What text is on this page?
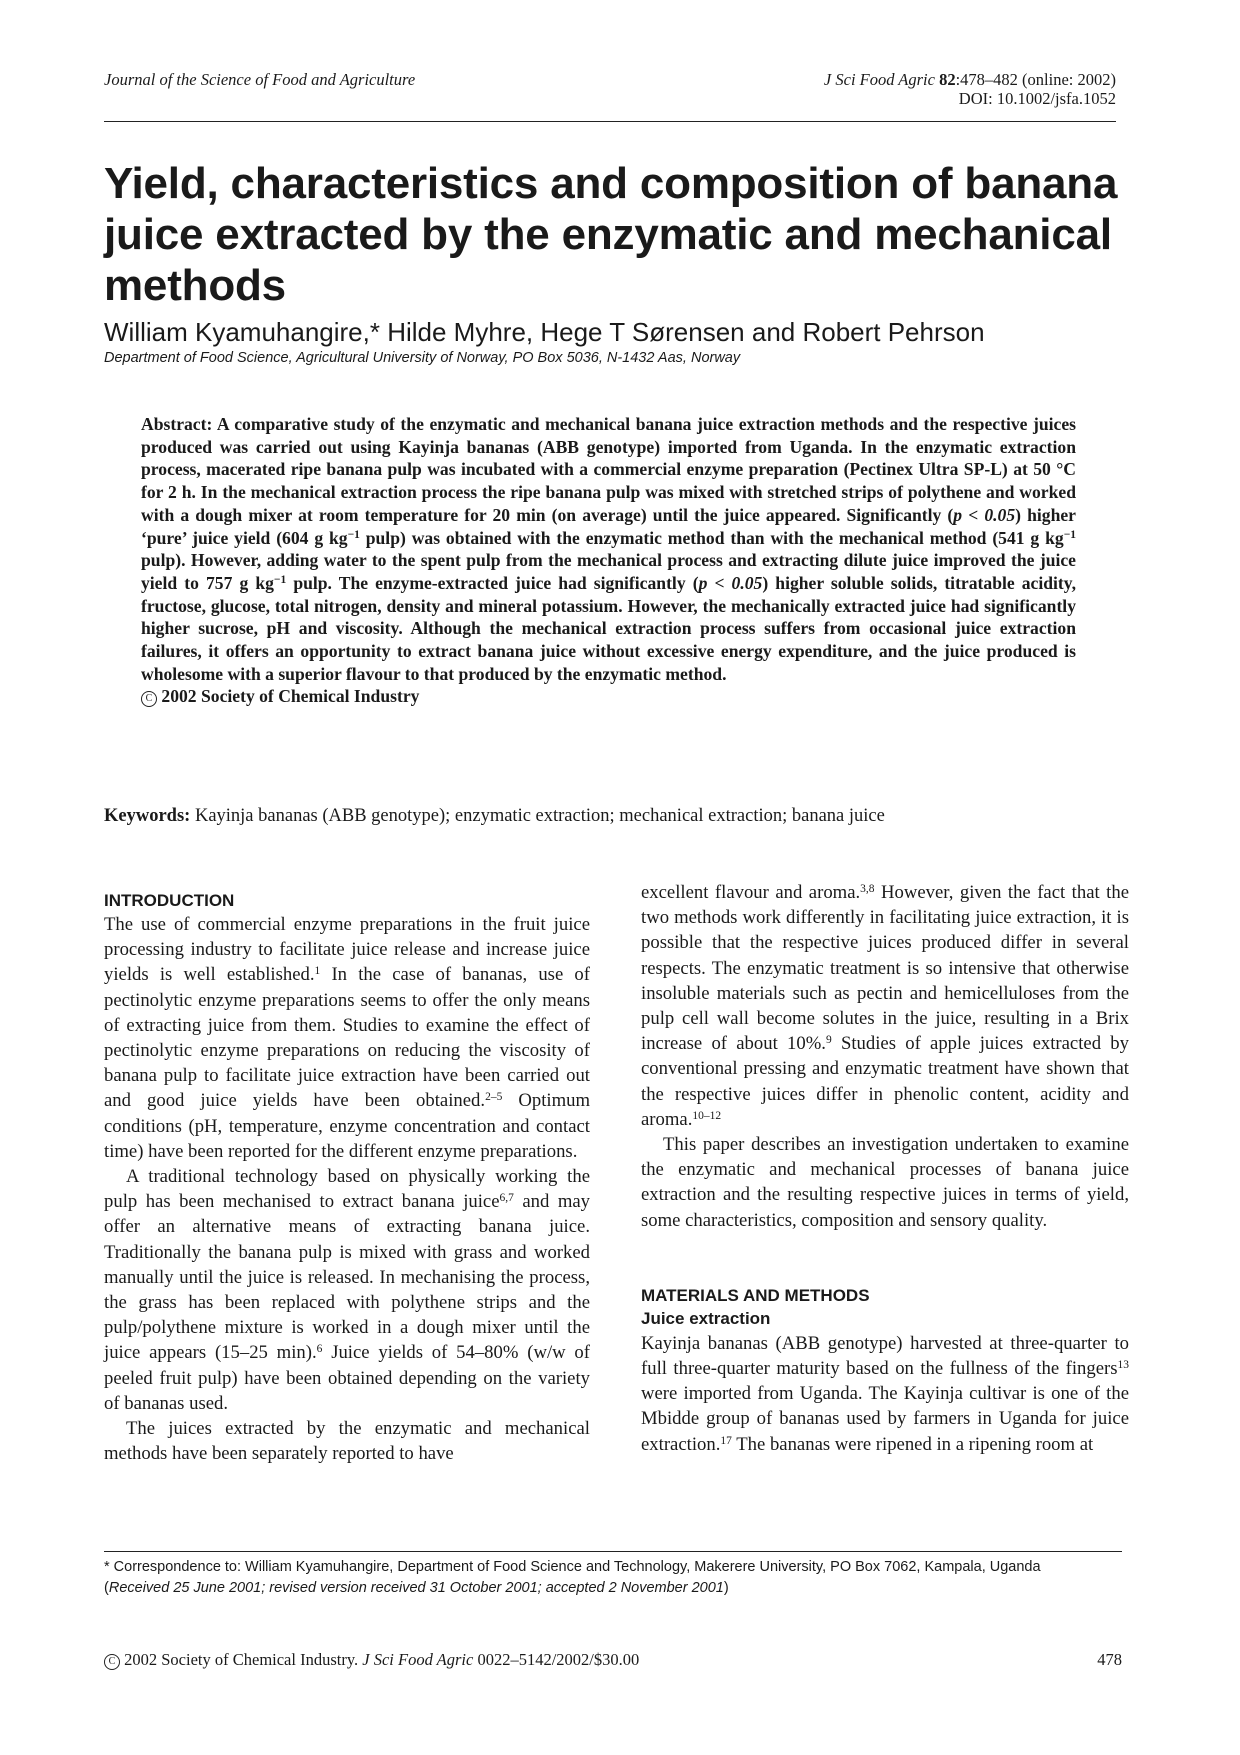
Journal of the Science of Food and Agriculture	J Sci Food Agric 82:478–482 (online: 2002)
DOI: 10.1002/jsfa.1052
Yield, characteristics and composition of banana juice extracted by the enzymatic and mechanical methods
William Kyamuhangire,* Hilde Myhre, Hege T Sørensen and Robert Pehrson
Department of Food Science, Agricultural University of Norway, PO Box 5036, N-1432 Aas, Norway
Abstract: A comparative study of the enzymatic and mechanical banana juice extraction methods and the respective juices produced was carried out using Kayinja bananas (ABB genotype) imported from Uganda. In the enzymatic extraction process, macerated ripe banana pulp was incubated with a commercial enzyme preparation (Pectinex Ultra SP-L) at 50 °C for 2 h. In the mechanical extraction process the ripe banana pulp was mixed with stretched strips of polythene and worked with a dough mixer at room temperature for 20 min (on average) until the juice appeared. Significantly (p < 0.05) higher ‘pure’ juice yield (604 g $kg^{-1}$ pulp) was obtained with the enzymatic method than with the mechanical method (541 g $kg^{-1}$ pulp). However, adding water to the spent pulp from the mechanical process and extracting dilute juice improved the juice yield to 757 g $kg^{-1}$ pulp. The enzyme-extracted juice had significantly (p < 0.05) higher soluble solids, titratable acidity, fructose, glucose, total nitrogen, density and mineral potassium. However, the mechanically extracted juice had significantly higher sucrose, pH and viscosity. Although the mechanical extraction process suffers from occasional juice extraction failures, it offers an opportunity to extract banana juice without excessive energy expenditure, and the juice produced is wholesome with a superior flavour to that produced by the enzymatic method.
C 2002 Society of Chemical Industry
Keywords: Kayinja bananas (ABB genotype); enzymatic extraction; mechanical extraction; banana juice
INTRODUCTION

The use of commercial enzyme preparations in the fruit juice processing industry to facilitate juice release and increase juice yields is well established.$^1$ In the case of bananas, use of pectinolytic enzyme preparations seems to offer the only means of extracting juice from them. Studies to examine the effect of pectinolytic enzyme preparations on reducing the viscosity of banana pulp to facilitate juice extraction have been carried out and good juice yields have been obtained.$^{2-5}$ Optimum conditions (pH, temperature, enzyme concentration and contact time) have been reported for the different enzyme preparations.

A traditional technology based on physically working the pulp has been mechanised to extract banana juice$^{6,7}$ and may offer an alternative means of extracting banana juice. Traditionally the banana pulp is mixed with grass and worked manually until the juice is released. In mechanising the process, the grass has been replaced with polythene strips and the pulp/polythene mixture is worked in a dough mixer until the juice appears (15–25 min).$^6$ Juice yields of 54–80% (w/w of peeled fruit pulp) have been obtained depending on the variety of bananas used.

The juices extracted by the enzymatic and mechanical methods have been separately reported to have

excellent flavour and aroma.$^{3,8}$ However, given the fact that the two methods work differently in facilitating juice extraction, it is possible that the respective juices produced differ in several respects. The enzymatic treatment is so intensive that otherwise insoluble materials such as pectin and hemicelluloses from the pulp cell wall become solutes in the juice, resulting in a Brix increase of about 10%.$^9$ Studies of apple juices extracted by conventional pressing and enzymatic treatment have shown that the respective juices differ in phenolic content, acidity and aroma.$^{10-12}$

This paper describes an investigation undertaken to examine the enzymatic and mechanical processes of banana juice extraction and the resulting respective juices in terms of yield, some characteristics, composition and sensory quality.

MATERIALS AND METHODS
Juice extraction

Kayinja bananas (ABB genotype) harvested at three-quarter to full three-quarter maturity based on the fullness of the fingers$^{13}$ were imported from Uganda. The Kayinja cultivar is one of the Mbidde group of bananas used by farmers in Uganda for juice extraction.$^{17}$ The bananas were ripened in a ripening room at

* Correspondence to: William Kyamuhangire, Department of Food Science and Technology, Makerere University, PO Box 7062, Kampala, Uganda
(Received 25 June 2001; revised version received 31 October 2001; accepted 2 November 2001)
C 2002 Society of Chemical Industry. J Sci Food Agric 0022–5142/2002/$30.00	478
